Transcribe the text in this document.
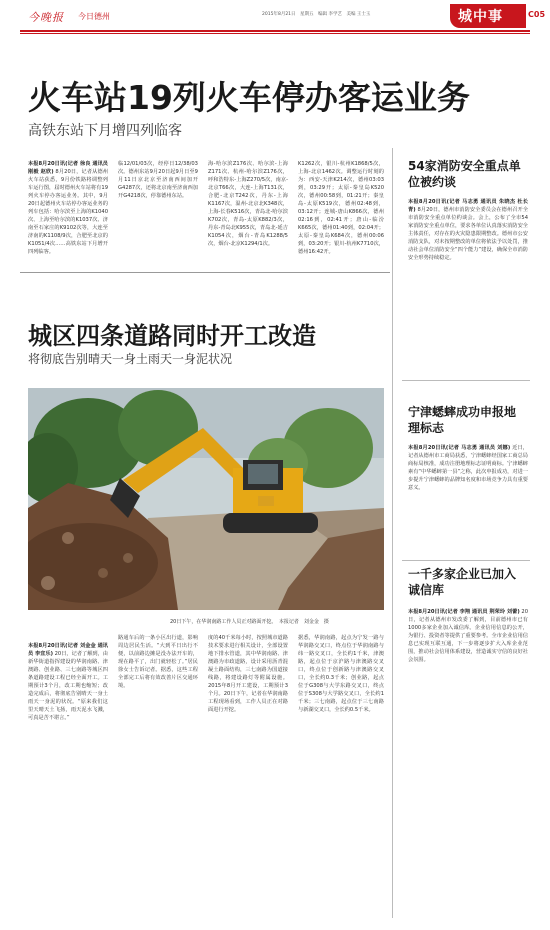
今晚报 今日德州	2015年8月21日　星期五　编辑 李学艺　美编 王士玉	城中事	C05
火车站19列火车停办客运业务
高铁东站下月增四列临客
本报8月20日讯(记者 徐良 通讯员 刚毅 赵欣) 8月20日，记者从德州火车站获悉，9月份铁路将调整列车运行图，届时德州火车站将有19列火车停办客运业务。其中，9月20日起德州火车站停办客运业务的列车包括：哈尔滨至上海的K1040次、上海至哈尔滨的K1037次、济南至石家庄的K9102次等，大连至济南的K1108/9次，合肥至北京的K1051/4次……高铁东站下月增开四列临客。
临12/01/03次，经停日12/38/03次。德州东站9月20日起9月日至9月11日京北京至济南西间加开G4287次，还将北京南至济南西加开G4218次，停靠德州东站。
海-哈尔滨Z176次、哈尔滨-上海Z171次、杭州-哈尔滨Z176次，呼和浩特东-上海Z270/5次，南京-北京T66次，大连-上海T131次，合肥-北京T242次，丹东-上海K1167次，温州-北京北K348次，上海-长春K516次，青岛北-哈尔滨K702次，青岛-太原K882/3次，丹东-青岛北K955次，青岛北-延吉K1054次，烟台-青岛K1288/5次，烟台-北京K1294/1次。
K1262次，银川-杭州K1868/5次，上海-北京1462次。调整运行时刻的为：西安-天津K214次，德州03:03到，03:29开；太原-秦皇岛K520次，德州00:58到，01:21开；秦皇岛-太原K519次，德州02:48到，03:12开；连城-唐山K866次，德州02:16到，02:41开；唐山-临汾K665次，德州01:40到，02:04开；太原-秦皇岛K684次，德州00:06到，03:20开；银川-杭州K7710次，德州16:42开。
城区四条道路同时开工改造
将彻底告别晴天一身土雨天一身泥状况
20日下午，在华润南路工作人员正对路面开挖。　本报记者　刘金金　摄
本报8月20日讯(记者 刘金金 通讯员 李宜乐) 20日，记者了解到，由新华街道指挥建设的华润南路、津澳路、创业路、三七南路等城区四条道路建设工程已经全面开工。工期预计3个月，改工期也缩短；改造完成后，将彻底告别晴天一身土雨天一身泥的状况。“原来我们这里天晴天土飞扬，雨天泥水飞溅，可真是苦不堪言。”
路通车后的一条小区出行道，影响周边居民生活。“大到平日出行不便，以前路边摊是没办法开车的，现在路平了，出门就轻松了。”居民徐女士告诉记者。据悉，这些工程全部完工后将有效改善片区交通环境。
度的40千米每小时，按照城市道路技术要求进行相关设计，全部设置地下排水管道，其中华润南路、津澳路为市政道路，设计采用沥青混凝土路面结构，三七南路为国道接线路，将建设路灯等附属设施。2015年8月开工建设，工期预计3个月。20日下午，记者在华润南路工程现场看到，工作人员正在对路面进行开挖。
据悉，华润南路，起点为宁发一路与华润路交叉口，终点位于华润南路与纬一路交叉口，全长约1千米，津澳路，起点位于京沪路与津澳路交叉口，终点位于创新路与津澳路交叉口，全长约0.3千米；创业路，起点位于G308与大学东路交叉口，终点位于S308与大学路交叉口，全长约1千米；三七南路，起点位于三七南路与新湖交叉口，全长约0.5千米。
54家消防安全重点单位被约谈
本报8月20日讯(记者 马志勇 通讯员 朱晓杰 杜长青) 8月20日，德州市消防安全委员会在德州召开全市消防安全重点单位约谈会。会上，公布了全市54家消防安全重点单位，要求各单位认真落实消防安全主体责任，对存在的火灾隐患限期整改。德州市公安消防支队，对未按期整改的单位将依法予以处罚，推动社会单位消防安全“四个能力”建设，确保全市消防安全形势持续稳定。
宁津蟋蟀成功申报地理标志
本报8月20日讯(记者 马志勇 通讯员 刘娜) 近日，记者从德州市工商局获悉，宁津蟋蟀经国家工商总局商标局核准，成功注册地理标志证明商标。宁津蟋蟀素有“中华蟋蟀第一县”之称，此次申报成功，对进一步提升宁津蟋蟀的品牌知名度和市场竞争力具有重要意义。
一千多家企业已加入诚信库
本报8月20日讯(记者 李翔 通讯员 荆荣玲 刘蕾) 20日，记者从德州市发改委了解到，目前德州市已有1000多家企业加入诚信库。企业信用信息的公开，为银行、投资者等提供了重要参考。全市企业信用信息已实现互联互通，下一步将逐步扩大入库企业范围，推动社会信用体系建设，营造诚实守信的良好社会氛围。
